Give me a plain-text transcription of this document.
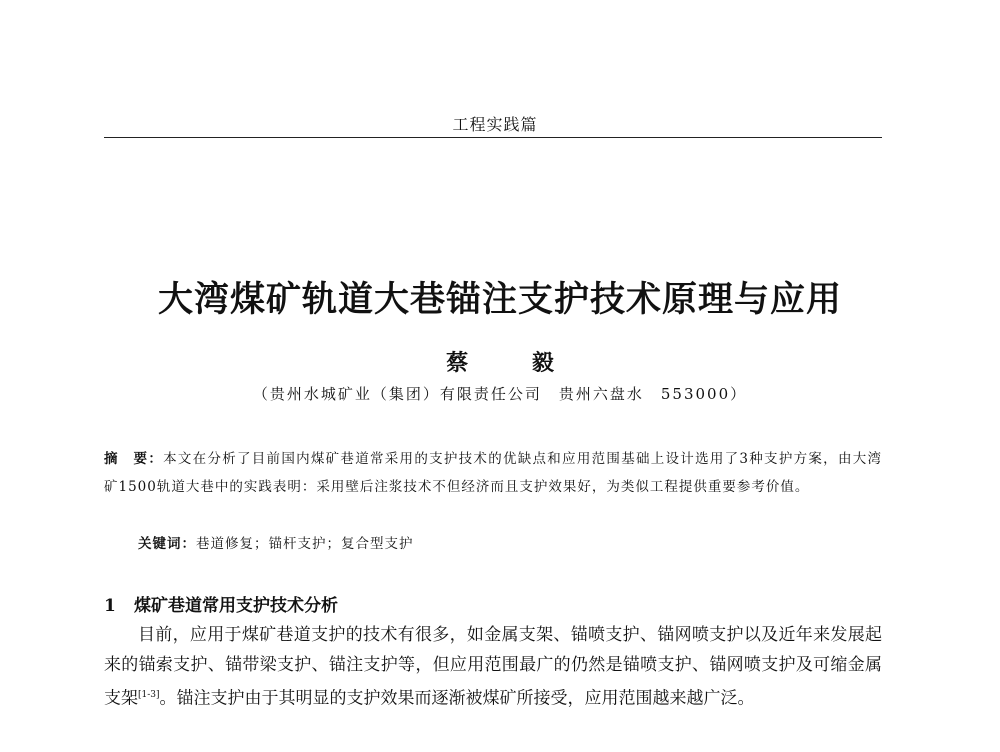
工程实践篇
大湾煤矿轨道大巷锚注支护技术原理与应用
蔡 毅
（贵州水城矿业（集团）有限责任公司　贵州六盘水　553000）
摘　要：本文在分析了目前国内煤矿巷道常采用的支护技术的优缺点和应用范围基础上设计选用了3种支护方案，由大湾矿1500轨道大巷中的实践表明：采用壁后注浆技术不但经济而且支护效果好，为类似工程提供重要参考价值。
关键词：巷道修复；锚杆支护；复合型支护
1 煤矿巷道常用支护技术分析
目前，应用于煤矿巷道支护的技术有很多，如金属支架、锚喷支护、锚网喷支护以及近年来发展起来的锚索支护、锚带梁支护、锚注支护等，但应用范围最广的仍然是锚喷支护、锚网喷支护及可缩金属支架[1-3]。锚注支护由于其明显的支护效果而逐渐被煤矿所接受，应用范围越来越广泛。
